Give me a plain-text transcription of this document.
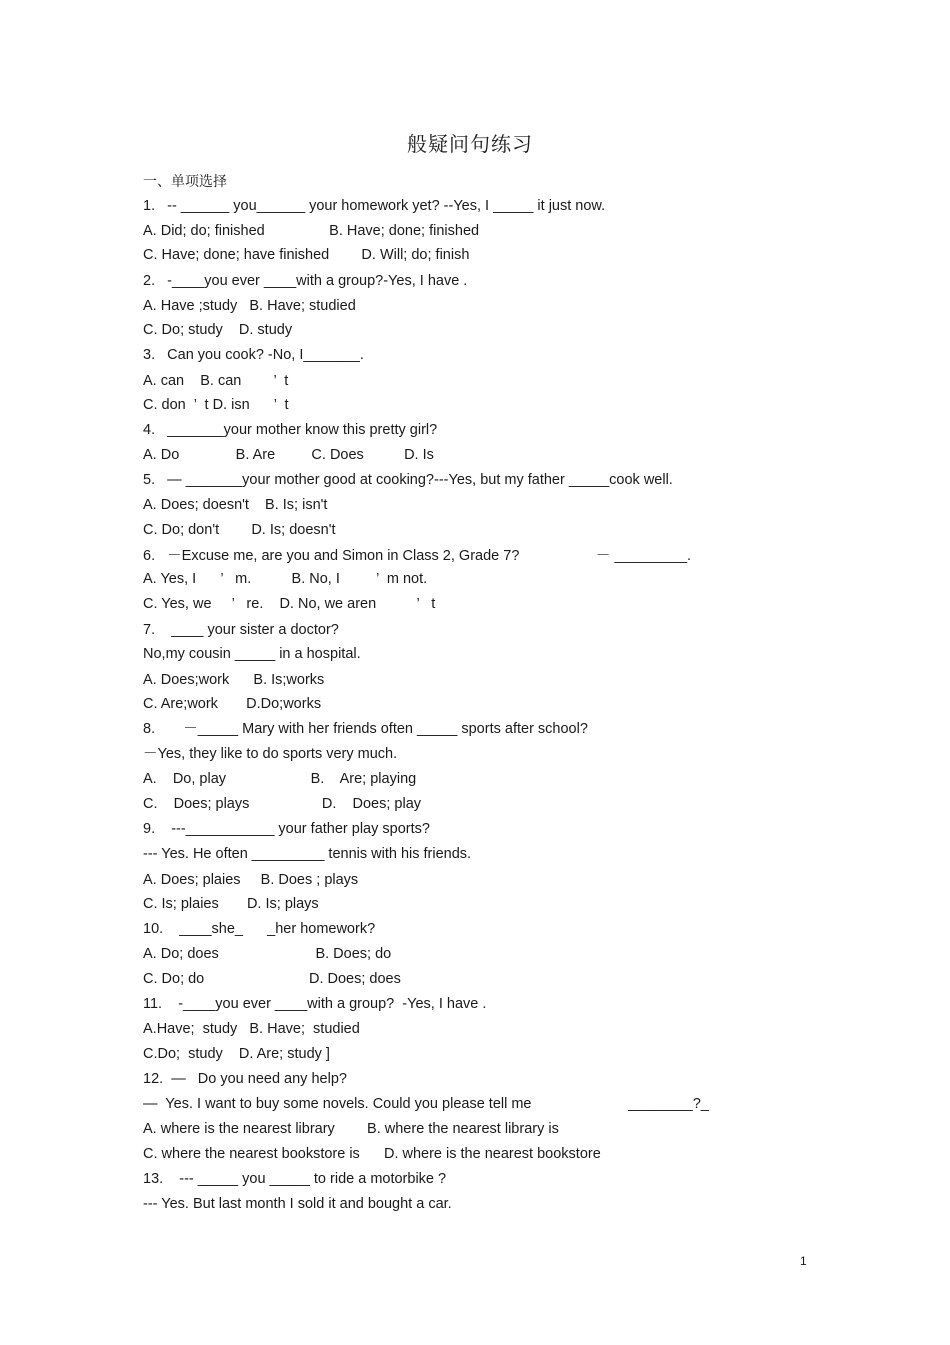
般疑问句练习
一、单项选择
1.   -- ______ you______ your homework yet? --Yes, I _____ it just now.
A. Did; do; finished                B. Have; done; finished
C. Have; done; have finished        D. Will; do; finish
2.   -____you ever ____with a group?-Yes, I have .
A. Have ;study   B. Have; studied
C. Do; study    D. study
3.   Can you cook? -No, I_______.
A. can    B. can        ’  t
C. don  ’  t D. isn      ’  t
4.   _______your mother know this pretty girl?
A. Do              B. Are         C. Does          D. Is
5.   — _______your mother good at cooking?---Yes, but my father _____cook well.
A. Does; doesn't    B. Is; isn't
C. Do; don't        D. Is; doesn't
6.   －Excuse me, are you and Simon in Class 2, Grade 7?                   － _________.
A. Yes, I      ’   m.          B. No, I         ’  m not.
C. Yes, we     ’   re.    D. No, we aren          ’   t
7.    ____ your sister a doctor?
No,my cousin _____ in a hospital.
A. Does;work      B. Is;works
C. Are;work       D.Do;works
8.       －_____ Mary with her friends often _____ sports after school?
－Yes, they like to do sports very much.
A.    Do, play                     B.    Are; playing
C.    Does; plays                  D.    Does; play
9.    ---___________ your father play sports?
--- Yes. He often _________ tennis with his friends.
A. Does; plaies     B. Does ; plays
C. Is; plaies       D. Is; plays
10.    ____she_      _her homework?
A. Do; does                        B. Does; do
C. Do; do                          D. Does; does
11.    -____you ever ____with a group?  -Yes, I have .
A.Have;  study   B. Have;  studied
C.Do;  study    D. Are; study ]
12.  —   Do you need any help?
—  Yes. I want to buy some novels. Could you please tell me                        ________?_
A. where is the nearest library        B. where the nearest library is
C. where the nearest bookstore is      D. where is the nearest bookstore
13.    --- _____ you _____ to ride a motorbike ?
--- Yes. But last month I sold it and bought a car.
1
